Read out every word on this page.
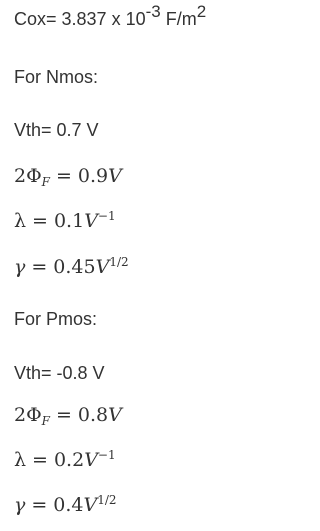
Cox= 3.837 x 10-3 F/m2
For Nmos:
Vth= 0.7 V
$2\Phi_F = 0.9V$
$\lambda = 0.1V^{-1}$
$\gamma = 0.45V^{1/2}$
For Pmos:
Vth= -0.8 V
$2\Phi_F = 0.8V$
$\lambda = 0.2V^{-1}$
$\gamma = 0.4V^{1/2}$
